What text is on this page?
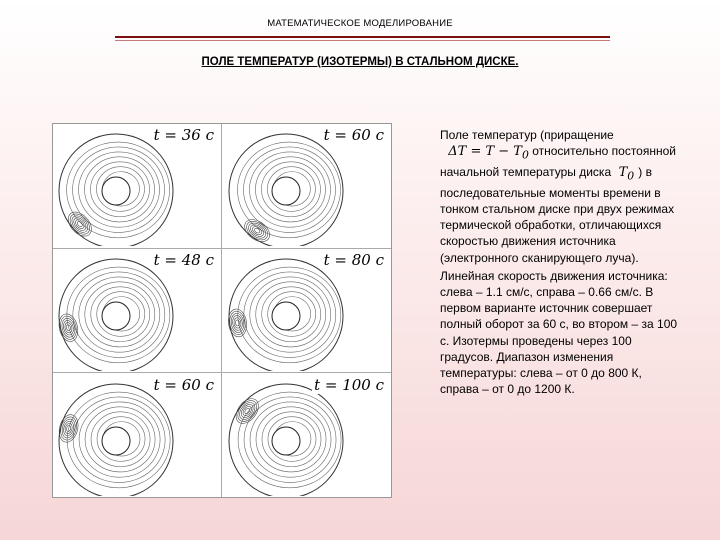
МАТЕМАТИЧЕСКОЕ МОДЕЛИРОВАНИЕ
ПОЛЕ ТЕМПЕРАТУР (ИЗОТЕРМЫ) В СТАЛЬНОМ ДИСКЕ.
t = 36 c	t = 60 c
t = 48 c	t = 80 c
t = 60 c	t = 100 c

Поле температур (приращение
$\Delta T = T - T_0$ относительно постоянной начальной температуры диска  $T_0$ ) в последовательные моменты времени в тонком стальном диске при двух режимах термической обработки, отличающихся скоростью движения источника (электронного сканирующего луча).

Линейная скорость движения источника: слева – 1.1 см/с, справа – 0.66 см/с. В первом варианте источник совершает полный оборот за 60 с, во втором – за 100 с. Изотермы проведены через 100 градусов. Диапазон изменения температуры: слева – от 0 до 800 К, справа – от 0 до 1200 К.
